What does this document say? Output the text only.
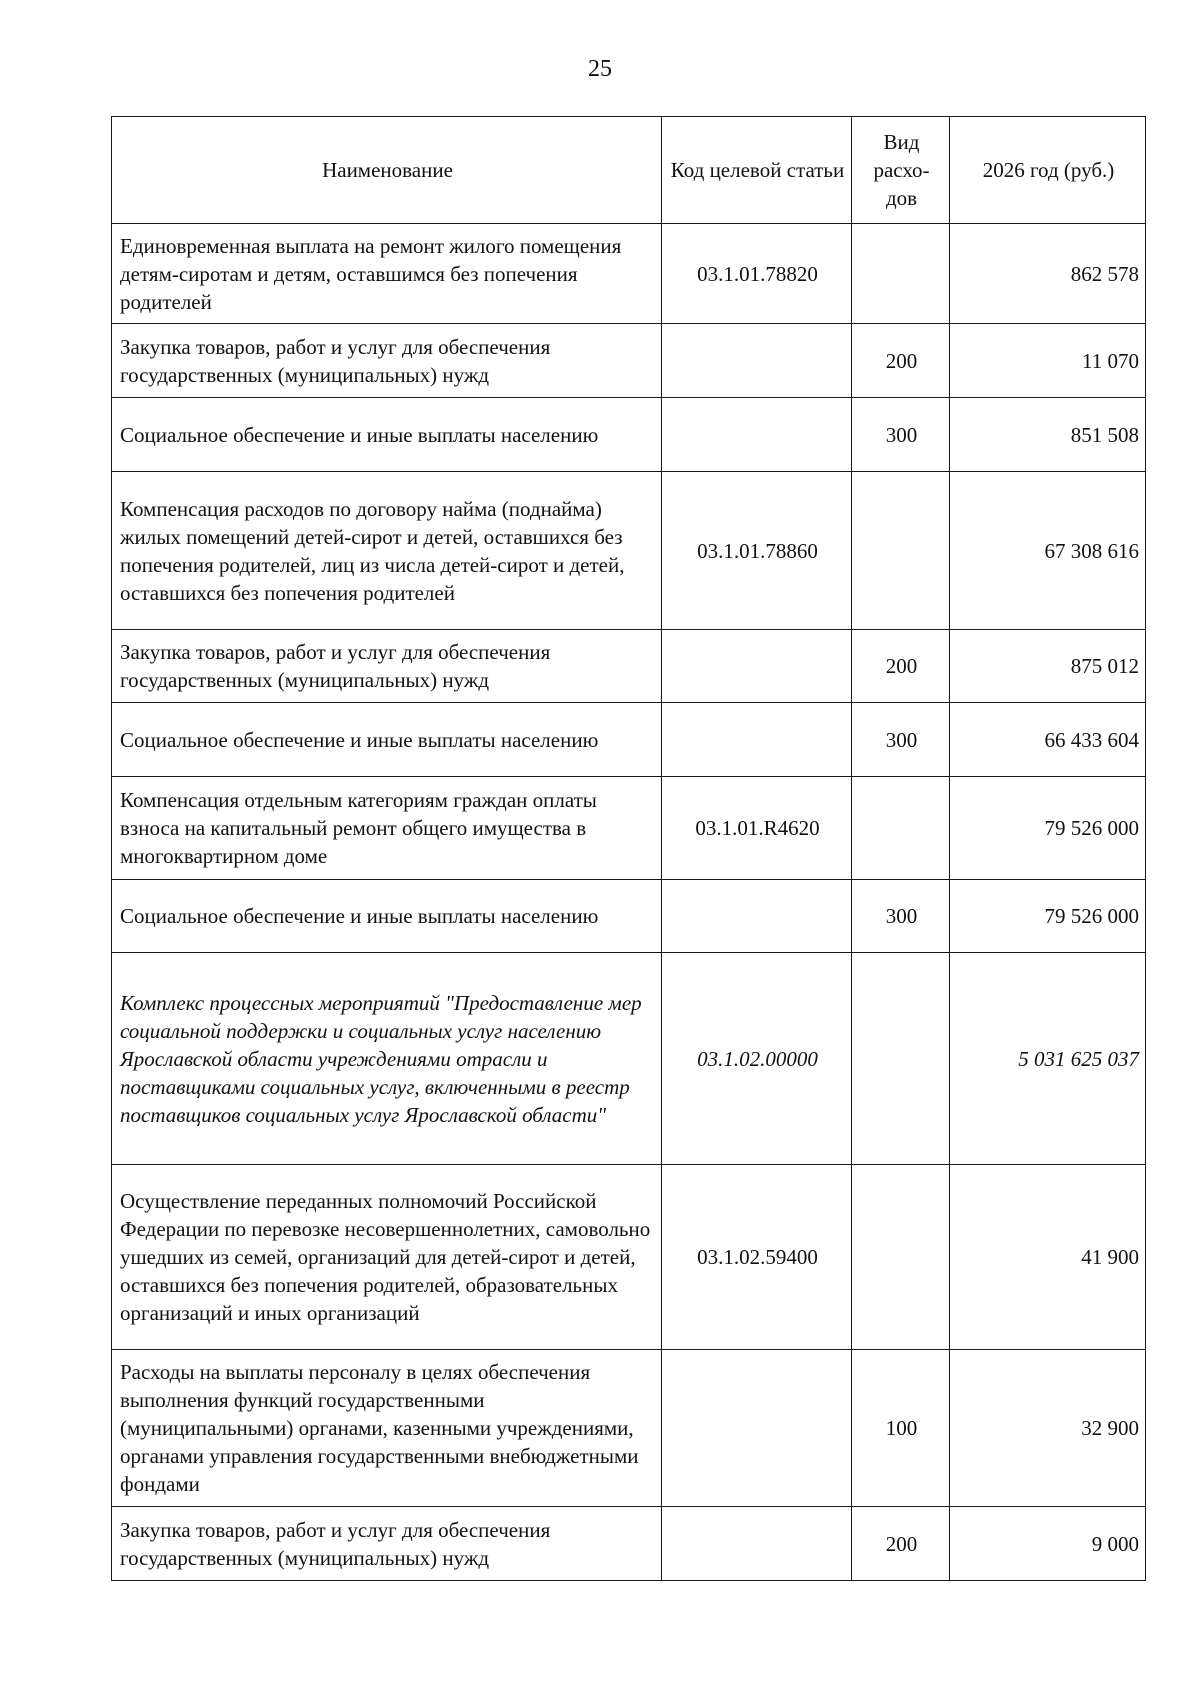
25
Наименование	Код целевой статьи	Вид расхо-дов	2026 год (руб.)
Единовременная выплата на ремонт жилого помещения детям-сиротам и детям, оставшимся без попечения родителей	03.1.01.78820		862 578
Закупка товаров, работ и услуг для обеспечения государственных (муниципальных) нужд		200	11 070
Социальное обеспечение и иные выплаты населению		300	851 508
Компенсация расходов по договору найма (поднайма) жилых помещений детей-сирот и детей, оставшихся без попечения родителей, лиц из числа детей-сирот и детей, оставшихся без попечения родителей	03.1.01.78860		67 308 616
Закупка товаров, работ и услуг для обеспечения государственных (муниципальных) нужд		200	875 012
Социальное обеспечение и иные выплаты населению		300	66 433 604
Компенсация отдельным категориям граждан оплаты взноса на капитальный ремонт общего имущества в многоквартирном доме	03.1.01.R4620		79 526 000
Социальное обеспечение и иные выплаты населению		300	79 526 000
Комплекс процессных мероприятий "Предоставление мер социальной поддержки и социальных услуг населению Ярославской области учреждениями отрасли и поставщиками социальных услуг, включенными в реестр поставщиков социальных услуг Ярославской области"	03.1.02.00000		5 031 625 037
Осуществление переданных полномочий Российской Федерации по перевозке несовершеннолетних, самовольно ушедших из семей, организаций для детей-сирот и детей, оставшихся без попечения родителей, образовательных организаций и иных организаций	03.1.02.59400		41 900
Расходы на выплаты персоналу в целях обеспечения выполнения функций государственными (муниципальными) органами, казенными учреждениями, органами управления государственными внебюджетными фондами		100	32 900
Закупка товаров, работ и услуг для обеспечения государственных (муниципальных) нужд		200	9 000
